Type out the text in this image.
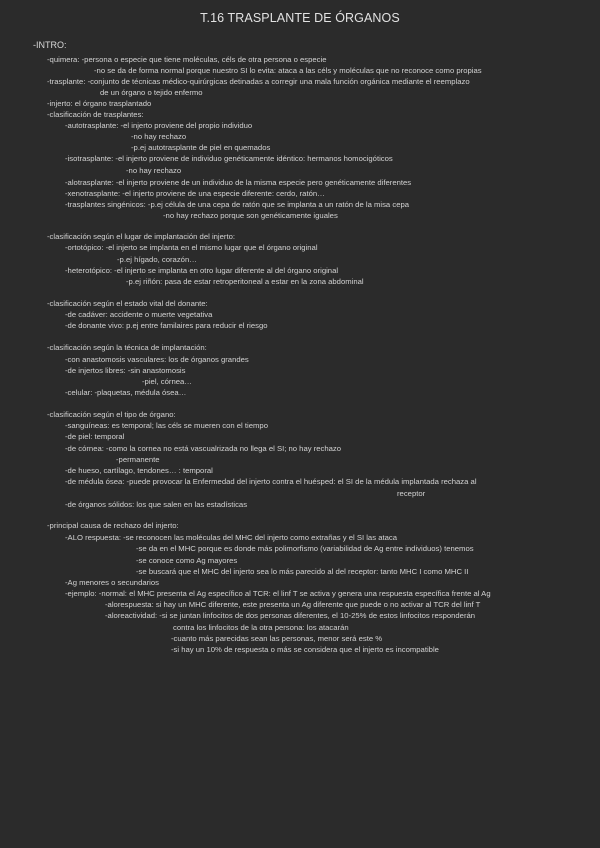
T.16 TRASPLANTE DE ÓRGANOS
-INTRO:
-quimera: -persona o especie que tiene moléculas, céls de otra persona o especie
-no se da de forma normal porque nuestro SI lo evita: ataca a las céls y moléculas que no reconoce como propias
-trasplante: -conjunto de técnicas médico-quirúrgicas detinadas a corregir una mala función orgánica mediante el reemplazo
de un órgano o tejido enfermo
-injerto: el órgano trasplantado
-clasificación de trasplantes:
-autotrasplante: -el injerto proviene del propio individuo
-no hay rechazo
-p.ej autotrasplante de piel en quemados
-isotrasplante: -el injerto proviene de individuo genéticamente idéntico: hermanos homocigóticos
-no hay rechazo
-alotrasplante: -el injerto proviene de un individuo de la misma especie pero genéticamente diferentes
-xenotrasplante: -el injerto proviene de una especie diferente: cerdo, ratón…
-trasplantes singénicos: -p.ej célula de una cepa de ratón que se implanta a un ratón de la misa cepa
-no hay rechazo porque son genéticamente iguales
-clasificación según el lugar de implantación del injerto:
-ortotópico: -el injerto se implanta en el mismo lugar que el órgano original
-p.ej hígado, corazón…
-heterotópico: -el injerto se implanta en otro lugar diferente al del órgano original
-p.ej riñón: pasa de estar retroperitoneal a estar en la zona abdominal
-clasificación según el estado vital del donante:
-de cadáver: accidente o muerte vegetativa
-de donante vivo: p.ej entre familaires para reducir el riesgo
-clasificación según la técnica de implantación:
-con anastomosis vasculares: los de órganos grandes
-de injertos libres: -sin anastomosis
-piel, córnea…
-celular: -plaquetas, médula ósea…
-clasificación según el tipo de órgano:
-sanguíneas: es temporal; las céls se mueren con el tiempo
-de piel: temporal
-de córnea: -como la cornea no está vascualrizada no llega el SI; no hay rechazo
-permanente
-de hueso, cartílago, tendones… : temporal
-de médula ósea: -puede provocar la Enfermedad del injerto contra el huésped: el SI de la médula implantada rechaza al
receptor
-de órganos sólidos: los que salen en las estadísticas
-principal causa de rechazo del injerto:
-ALO respuesta: -se reconocen las moléculas del MHC del injerto como extrañas y el SI las ataca
-se da en el MHC porque es donde más polimorfismo (variabilidad de Ag entre individuos) tenemos
-se conoce como Ag mayores
-se buscará que el MHC del injerto sea lo más parecido al del receptor: tanto MHC I como MHC II
-Ag menores o secundarios
-ejemplo: -normal: el MHC presenta el Ag específico al TCR: el linf T se activa y genera una respuesta específica frente al Ag
-alorespuesta: si hay un MHC diferente, este presenta un Ag diferente que puede o no activar al TCR del linf T
-aloreactividad: -si se juntan linfocitos de dos personas diferentes, el 10-25% de estos linfocitos responderán
contra los linfocitos de la otra persona: los atacarán
-cuanto más parecidas sean las personas, menor será este %
-si hay un 10% de respuesta o más se considera que el injerto es incompatible
